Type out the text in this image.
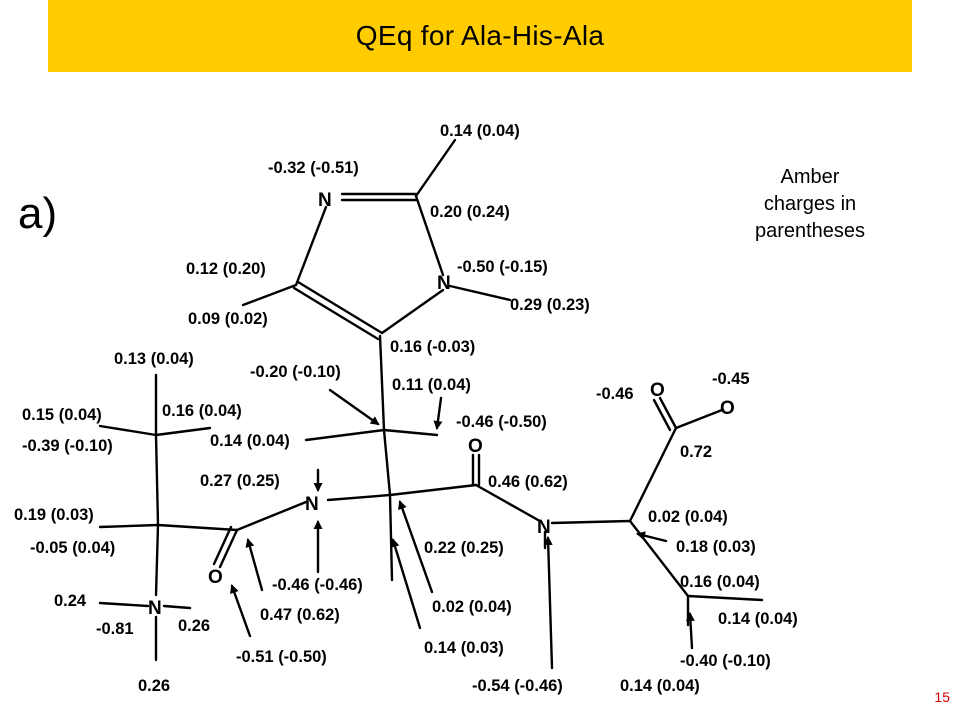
QEq for Ala-His-Ala
Amber
charges in
parentheses
15
a)	N
N
N
N
N
O
O
O
O
0.14 (0.04)
-0.32 (-0.51)
0.20 (0.24)
0.12 (0.20)	-0.50 (-0.15)
0.29 (0.23)
0.09 (0.02)
0.16 (-0.03)
0.13 (0.04)
-0.20 (-0.10)
0.11 (0.04)
0.15 (0.04)	0.16 (0.04)
-0.39 (-0.10)	0.14 (0.04)
-0.46 (-0.50)
0.27 (0.25)	0.46 (0.62)
0.19 (0.03)
-0.05 (0.04)
0.24
-0.81	0.26
0.26
-0.51 (-0.50)
0.47 (0.62)
-0.46 (-0.46)
0.22 (0.25)
0.02 (0.04)
0.14 (0.03)
-0.54 (-0.46)
-0.46
-0.45
0.72
0.02 (0.04)
0.18 (0.03)
0.16 (0.04)
0.14 (0.04)
-0.40 (-0.10)
0.14 (0.04)
